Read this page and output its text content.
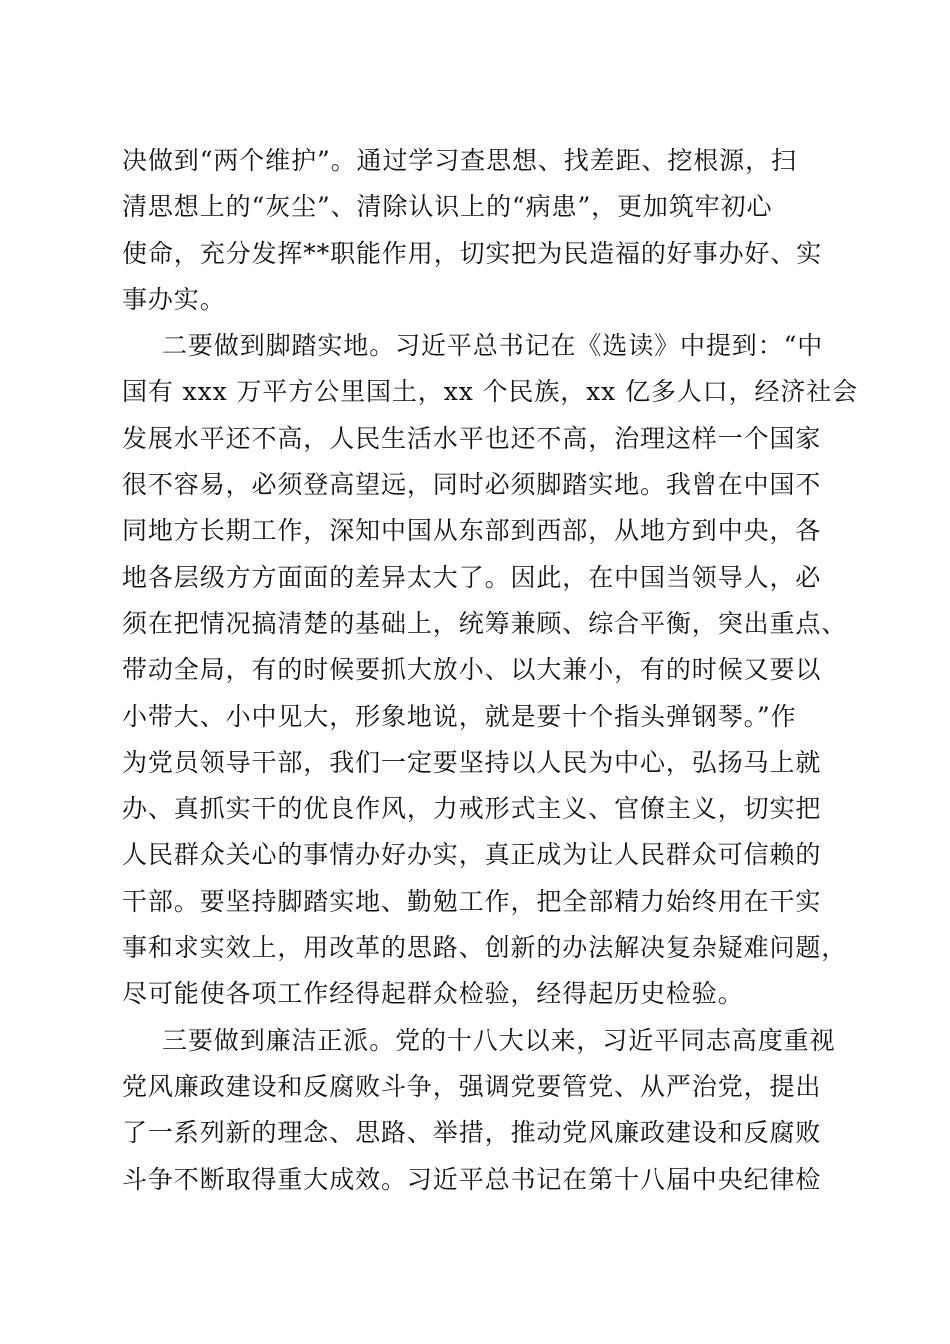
决做到“两个维护”。通过学习查思想、找差距、挖根源，扫
清思想上的“灰尘”、清除认识上的“病患”，更加筑牢初心
使命，充分发挥**职能作用，切实把为民造福的好事办好、实
事办实。
二要做到脚踏实地。习近平总书记在《选读》中提到：“中
国有 xxx 万平方公里国土，xx 个民族，xx 亿多人口，经济社会
发展水平还不高，人民生活水平也还不高，治理这样一个国家
很不容易，必须登高望远，同时必须脚踏实地。我曾在中国不
同地方长期工作，深知中国从东部到西部，从地方到中央，各
地各层级方方面面的差异太大了。因此，在中国当领导人，必
须在把情况搞清楚的基础上，统筹兼顾、综合平衡，突出重点、
带动全局，有的时候要抓大放小、以大兼小，有的时候又要以
小带大、小中见大，形象地说，就是要十个指头弹钢琴。”作
为党员领导干部，我们一定要坚持以人民为中心，弘扬马上就
办、真抓实干的优良作风，力戒形式主义、官僚主义，切实把
人民群众关心的事情办好办实，真正成为让人民群众可信赖的
干部。要坚持脚踏实地、勤勉工作，把全部精力始终用在干实
事和求实效上，用改革的思路、创新的办法解决复杂疑难问题，
尽可能使各项工作经得起群众检验，经得起历史检验。
三要做到廉洁正派。党的十八大以来，习近平同志高度重视
党风廉政建设和反腐败斗争，强调党要管党、从严治党，提出
了一系列新的理念、思路、举措，推动党风廉政建设和反腐败
斗争不断取得重大成效。习近平总书记在第十八届中央纪律检
